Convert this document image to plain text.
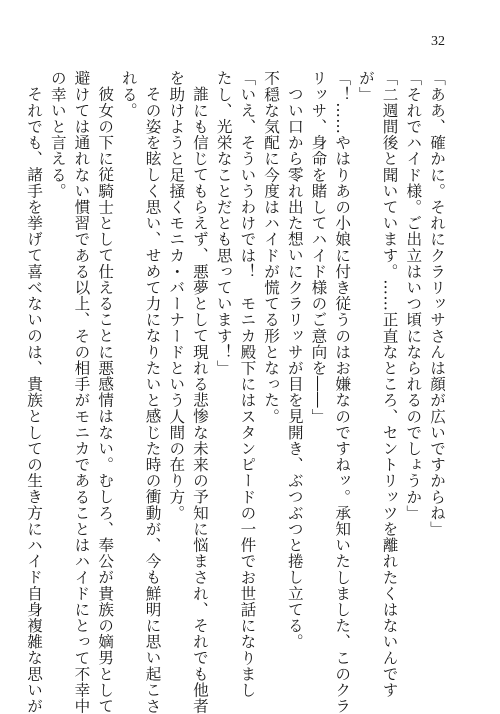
32
「ああ、確かに。それにクラリッサさんは顔が広いですからね」
「それでハイド様。ご出立はいつ頃になられるのでしょうか」
「二週間後と聞いています。……正直なところ、セントリッツを離れたくはないんです
が」
「！……やはりあの小娘に付き従うのはお嫌なのですねッ。承知いたしました、このクラ
リッサ、身命を賭してハイド様のご意向を――」
つい口から零れ出た想いにクラリッサが目を見開き、ぶつぶつと捲し立てる。
不穏な気配に今度はハイドが慌てる形となった。
「いえ、そういうわけでは！　モニカ殿下にはスタンピードの一件でお世話になりまし
たし、光栄なことだとも思っています！」
誰にも信じてもらえず、悪夢として現れる悲惨な未来の予知に悩まされ、それでも他者
を助けようと足掻くモニカ・バーナードという人間の在り方。
その姿を眩しく思い、せめて力になりたいと感じた時の衝動が、今も鮮明に思い起こさ
れる。
彼女の下に従騎士として仕えることに悪感情はない。むしろ、奉公が貴族の嫡男として
避けては通れない慣習である以上、その相手がモニカであることはハイドにとって不幸中
の幸いと言える。
それでも、諸手を挙げて喜べないのは、貴族としての生き方にハイド自身複雑な思いが
